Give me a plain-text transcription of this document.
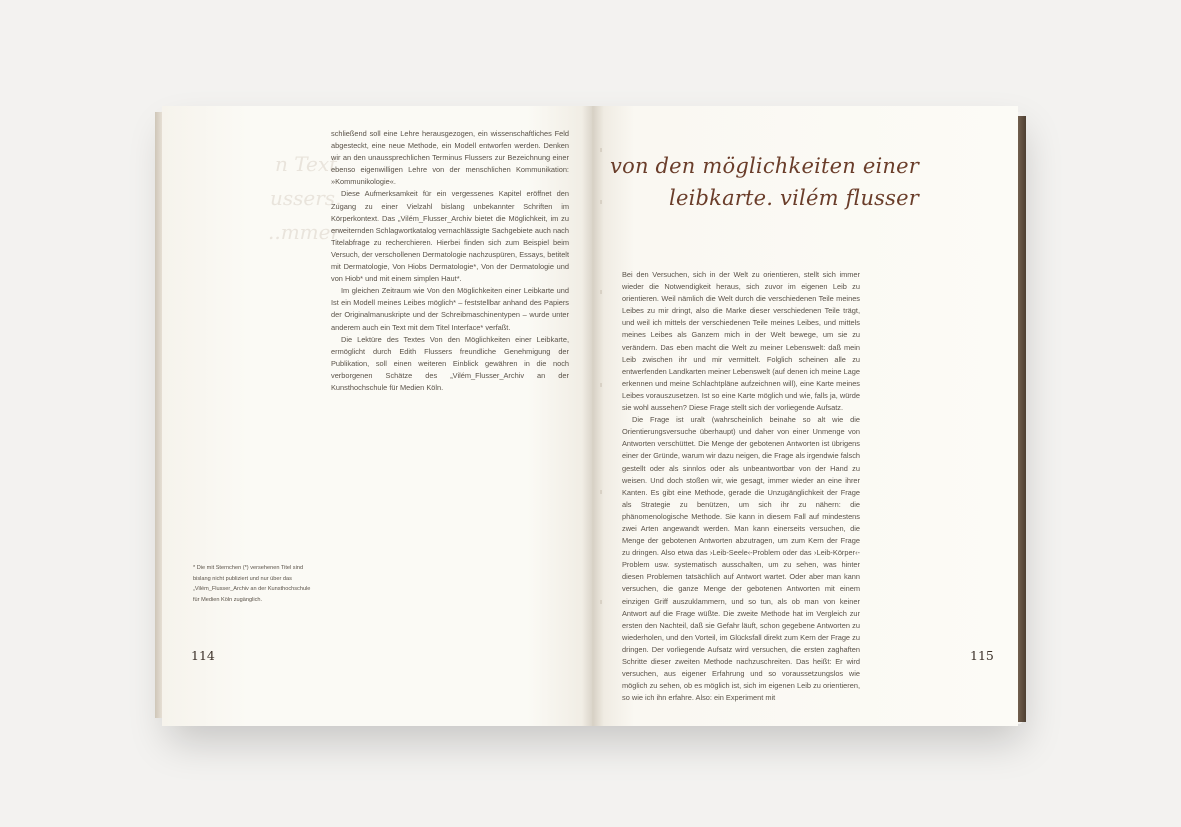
n Text
ussers.
..mmer

schließend soll eine Lehre herausgezogen, ein wissenschaftliches Feld abgesteckt, eine neue Methode, ein Modell entworfen werden. Denken wir an den unaussprechlichen Terminus Flussers zur Bezeichnung einer ebenso eigenwilligen Lehre von der menschlichen Kommunikation: »Kommunikologie«.

Diese Aufmerksamkeit für ein vergessenes Kapitel eröffnet den Zugang zu einer Vielzahl bislang unbekannter Schriften im Körperkontext. Das „Vilém_Flusser_Archiv bietet die Möglichkeit, im zu erweiternden Schlagwortkatalog vernachlässigte Sachgebiete auch nach Titelabfrage zu recherchieren. Hierbei finden sich zum Beispiel beim Versuch, der verschollenen Dermatologie nachzuspüren, Essays, betitelt mit Dermatologie, Von Hiobs Dermatologie*, Von der Dermatologie und von Hiob* und mit einem simplen Haut*.

Im gleichen Zeitraum wie Von den Möglichkeiten einer Leibkarte und Ist ein Modell meines Leibes möglich* – feststellbar anhand des Papiers der Originalmanuskripte und der Schreibmaschinentypen – wurde unter anderem auch ein Text mit dem Titel Interface* verfaßt.

Die Lektüre des Textes Von den Möglichkeiten einer Leibkarte, ermöglicht durch Edith Flussers freundliche Genehmigung der Publikation, soll einen weiteren Einblick gewähren in die noch verborgenen Schätze des „Vilém_Flusser_Archiv an der Kunsthochschule für Medien Köln.

* Die mit Sternchen (*) versehenen Titel sind bislang nicht publiziert und nur über das „Vilém_Flusser_Archiv an der Kunsthochschule für Medien Köln zugänglich.

114
von den möglichkeiten einer
leibkarte. vilém flusser

Bei den Versuchen, sich in der Welt zu orientieren, stellt sich immer wieder die Notwendigkeit heraus, sich zuvor im eigenen Leib zu orientieren. Weil nämlich die Welt durch die verschiedenen Teile meines Leibes zu mir dringt, also die Marke dieser verschiedenen Teile trägt, und weil ich mittels der verschiedenen Teile meines Leibes, und mittels meines Leibes als Ganzem mich in der Welt bewege, um sie zu verändern. Das eben macht die Welt zu meiner Lebenswelt: daß mein Leib zwischen ihr und mir vermittelt. Folglich scheinen alle zu entwerfenden Landkarten meiner Lebenswelt (auf denen ich meine Lage erkennen und meine Schlachtpläne aufzeichnen will), eine Karte meines Leibes vorauszusetzen. Ist so eine Karte möglich und wie, falls ja, würde sie wohl aussehen? Diese Frage stellt sich der vorliegende Aufsatz.

Die Frage ist uralt (wahrscheinlich beinahe so alt wie die Orientierungsversuche überhaupt) und daher von einer Unmenge von Antworten verschüttet. Die Menge der gebotenen Antworten ist übrigens einer der Gründe, warum wir dazu neigen, die Frage als irgendwie falsch gestellt oder als sinnlos oder als unbeantwortbar von der Hand zu weisen. Und doch stoßen wir, wie gesagt, immer wieder an eine ihrer Kanten. Es gibt eine Methode, gerade die Unzugänglichkeit der Frage als Strategie zu benützen, um sich ihr zu nähern: die phänomenologische Methode. Sie kann in diesem Fall auf mindestens zwei Arten angewandt werden. Man kann einerseits versuchen, die Menge der gebotenen Antworten abzutragen, um zum Kern der Frage zu dringen. Also etwa das ›Leib-Seele‹-Problem oder das ›Leib-Körper‹-Problem usw. systematisch ausschalten, um zu sehen, was hinter diesen Problemen tatsächlich auf Antwort wartet. Oder aber man kann versuchen, die ganze Menge der gebotenen Antworten mit einem einzigen Griff auszuklammern, und so tun, als ob man von keiner Antwort auf die Frage wüßte. Die zweite Methode hat im Vergleich zur ersten den Nachteil, daß sie Gefahr läuft, schon gegebene Antworten zu wiederholen, und den Vorteil, im Glücksfall direkt zum Kern der Frage zu dringen. Der vorliegende Aufsatz wird versuchen, die ersten zaghaften Schritte dieser zweiten Methode nachzuschreiten. Das heißt: Er wird versuchen, aus eigener Erfahrung und so voraussetzungslos wie möglich zu sehen, ob es möglich ist, sich im eigenen Leib zu orientieren, so wie ich ihn erfahre. Also: ein Experiment mit

115
